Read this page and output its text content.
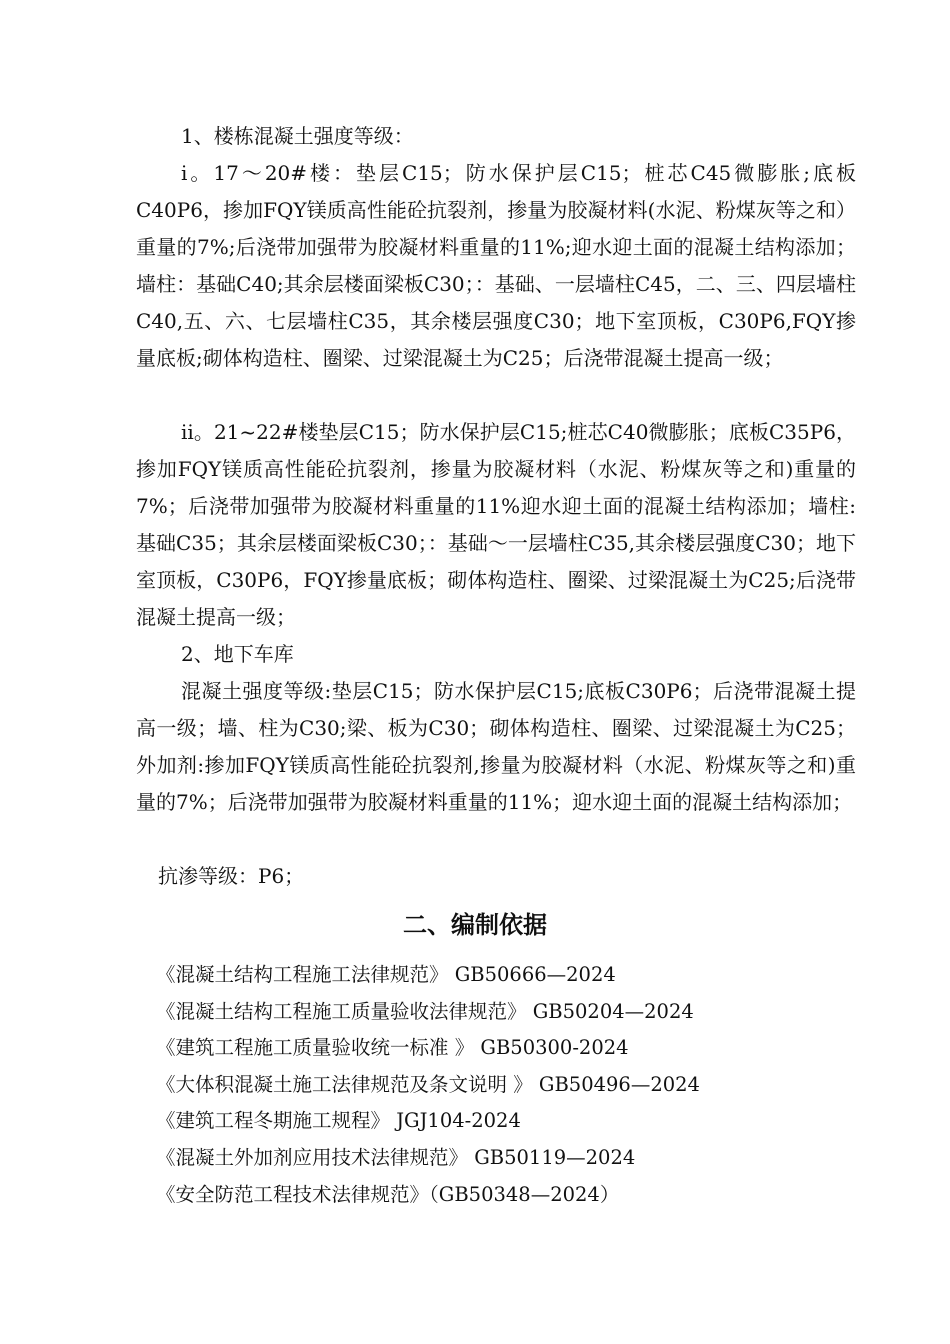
1、楼栋混凝土强度等级：
i。17～20#楼：垫层C15；防水保护层C15；桩芯C45微膨胀;底板C40P6，掺加FQY镁质高性能砼抗裂剂，掺量为胶凝材料(水泥、粉煤灰等之和）重量的7%;后浇带加强带为胶凝材料重量的11%;迎水迎土面的混凝土结构添加；墙柱：基础C40;其余层楼面梁板C30；：基础、一层墙柱C45，二、三、四层墙柱C40,五、六、七层墙柱C35，其余楼层强度C30；地下室顶板，C30P6,FQY掺量底板;砌体构造柱、圈梁、过梁混凝土为C25；后浇带混凝土提高一级；
ii。21~22#楼垫层C15；防水保护层C15;桩芯C40微膨胀；底板C35P6，掺加FQY镁质高性能砼抗裂剂，掺量为胶凝材料（水泥、粉煤灰等之和)重量的7%；后浇带加强带为胶凝材料重量的11%迎水迎土面的混凝土结构添加；墙柱:基础C35；其余层楼面梁板C30；：基础～一层墙柱C35,其余楼层强度C30；地下室顶板，C30P6，FQY掺量底板；砌体构造柱、圈梁、过梁混凝土为C25;后浇带混凝土提高一级；
2、地下车库
混凝土强度等级:垫层C15；防水保护层C15;底板C30P6；后浇带混凝土提高一级；墙、柱为C30;梁、板为C30；砌体构造柱、圈梁、过梁混凝土为C25；外加剂:掺加FQY镁质高性能砼抗裂剂,掺量为胶凝材料（水泥、粉煤灰等之和)重量的7%；后浇带加强带为胶凝材料重量的11%；迎水迎土面的混凝土结构添加；
抗渗等级：P6；
二、编制依据
《混凝土结构工程施工法律规范》 GB50666—2024
《混凝土结构工程施工质量验收法律规范》 GB50204—2024
《建筑工程施工质量验收统一标准 》 GB50300-2024
《大体积混凝土施工法律规范及条文说明 》 GB50496—2024
《建筑工程冬期施工规程》 JGJ104-2024
《混凝土外加剂应用技术法律规范》 GB50119—2024
《安全防范工程技术法律规范》（GB50348—2024）
